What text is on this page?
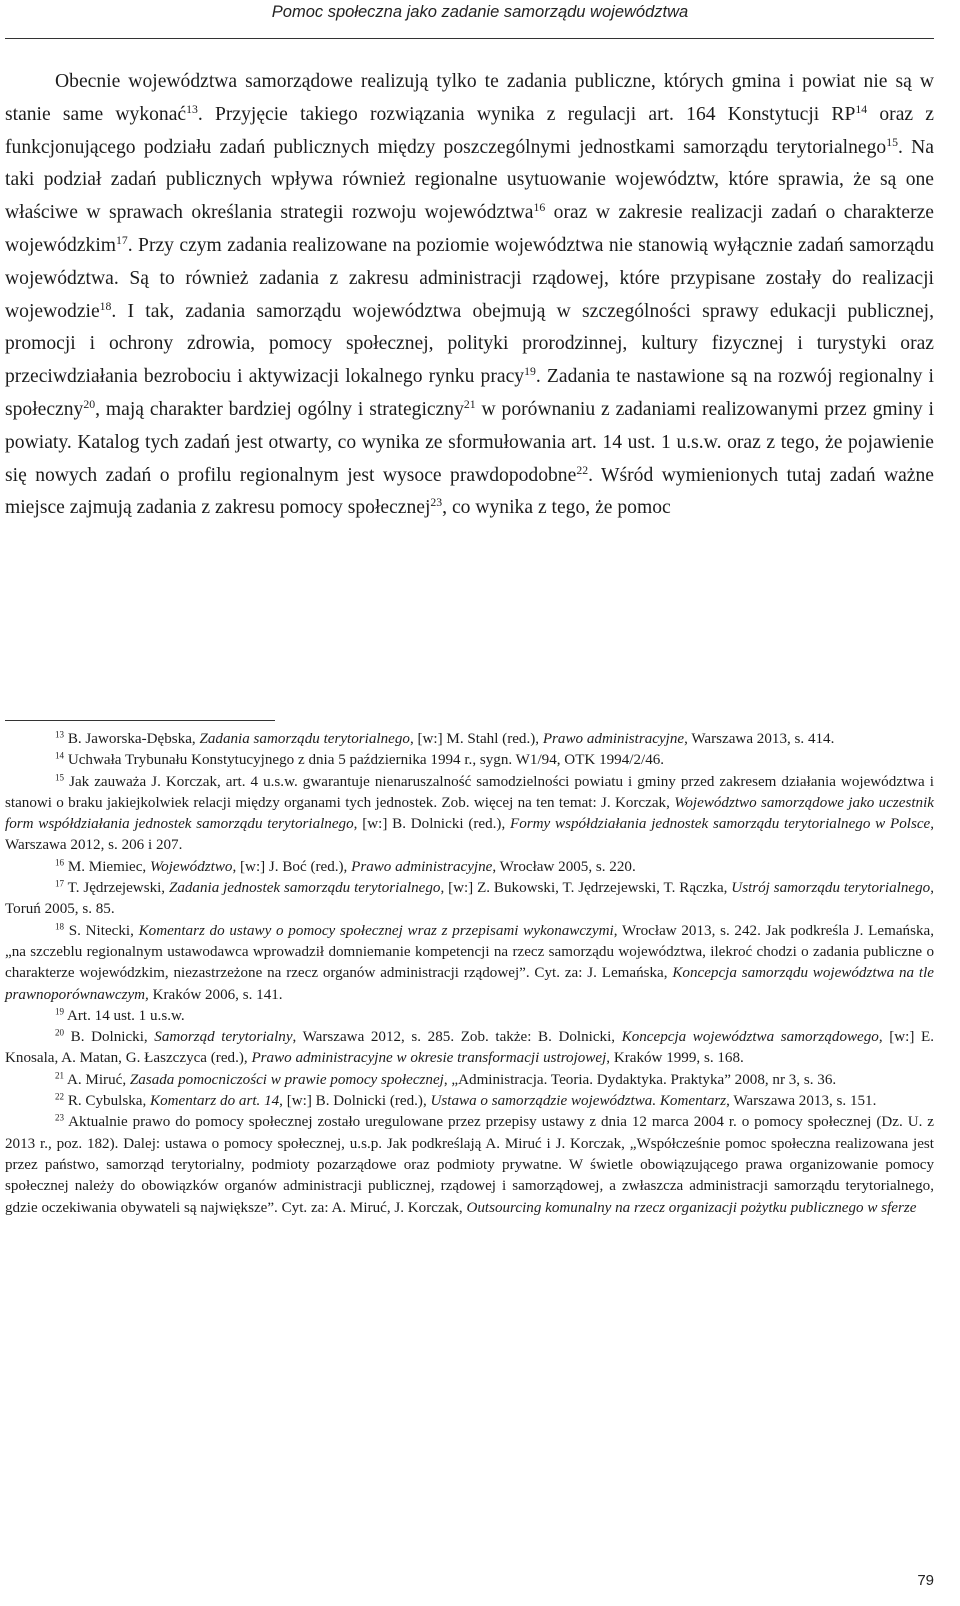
Pomoc społeczna jako zadanie samorządu województwa

Obecnie województwa samorządowe realizują tylko te zadania publiczne, których gmina i powiat nie są w stanie same wykonać$^{13}$. Przyjęcie takiego rozwiązania wynika z regulacji art. 164 Konstytucji RP$^{14}$ oraz z funkcjonującego podziału zadań publicznych między poszczególnymi jednostkami samorządu terytorialnego$^{15}$. Na taki podział zadań publicznych wpływa również regionalne usytuowanie województw, które sprawia, że są one właściwe w sprawach określania strategii rozwoju województwa$^{16}$ oraz w zakresie realizacji zadań o charakterze wojewódzkim$^{17}$. Przy czym zadania realizowane na poziomie województwa nie stanowią wyłącznie zadań samorządu województwa. Są to również zadania z zakresu administracji rządowej, które przypisane zostały do realizacji wojewodzie$^{18}$. I tak, zadania samorządu województwa obejmują w szczególności sprawy edukacji publicznej, promocji i ochrony zdrowia, pomocy społecznej, polityki prorodzinnej, kultury fizycznej i turystyki oraz przeciwdziałania bezrobociu i aktywizacji lokalnego rynku pracy$^{19}$. Zadania te nastawione są na rozwój regionalny i społeczny$^{20}$, mają charakter bardziej ogólny i strategiczny$^{21}$ w porównaniu z zadaniami realizowanymi przez gminy i powiaty. Katalog tych zadań jest otwarty, co wynika ze sformułowania art. 14 ust. 1 u.s.w. oraz z tego, że pojawienie się nowych zadań o profilu regionalnym jest wysoce prawdopodobne$^{22}$. Wśród wymienionych tutaj zadań ważne miejsce zajmują zadania z zakresu pomocy społecznej$^{23}$, co wynika z tego, że pomoc

$^{13}$ B. Jaworska-Dębska, Zadania samorządu terytorialnego, [w:] M. Stahl (red.), Prawo administracyjne, Warszawa 2013, s. 414.

$^{14}$ Uchwała Trybunału Konstytucyjnego z dnia 5 października 1994 r., sygn. W1/94, OTK 1994/2/46.

$^{15}$ Jak zauważa J. Korczak, art. 4 u.s.w. gwarantuje nienaruszalność samodzielności powiatu i gminy przed zakresem działania województwa i stanowi o braku jakiejkolwiek relacji między organami tych jednostek. Zob. więcej na ten temat: J. Korczak, Województwo samorządowe jako uczestnik form współdziałania jednostek samorządu terytorialnego, [w:] B. Dolnicki (red.), Formy współdziałania jednostek samorządu terytorialnego w Polsce, Warszawa 2012, s. 206 i 207.

$^{16}$ M. Miemiec, Województwo, [w:] J. Boć (red.), Prawo administracyjne, Wrocław 2005, s. 220.

$^{17}$ T. Jędrzejewski, Zadania jednostek samorządu terytorialnego, [w:] Z. Bukowski, T. Jędrzejewski, T. Rączka, Ustrój samorządu terytorialnego, Toruń 2005, s. 85.

$^{18}$ S. Nitecki, Komentarz do ustawy o pomocy społecznej wraz z przepisami wykonawczymi, Wrocław 2013, s. 242. Jak podkreśla J. Lemańska, „na szczeblu regionalnym ustawodawca wprowadził domniemanie kompetencji na rzecz samorządu województwa, ilekroć chodzi o zadania publiczne o charakterze wojewódzkim, niezastrzeżone na rzecz organów administracji rządowej”. Cyt. za: J. Lemańska, Koncepcja samorządu województwa na tle prawnoporównawczym, Kraków 2006, s. 141.

$^{19}$ Art. 14 ust. 1 u.s.w.

$^{20}$ B. Dolnicki, Samorząd terytorialny, Warszawa 2012, s. 285. Zob. także: B. Dolnicki, Koncepcja województwa samorządowego, [w:] E. Knosala, A. Matan, G. Łaszczyca (red.), Prawo administracyjne w okresie transformacji ustrojowej, Kraków 1999, s. 168.

$^{21}$ A. Miruć, Zasada pomocniczości w prawie pomocy społecznej, „Administracja. Teoria. Dydaktyka. Praktyka” 2008, nr 3, s. 36.

$^{22}$ R. Cybulska, Komentarz do art. 14, [w:] B. Dolnicki (red.), Ustawa o samorządzie województwa. Komentarz, Warszawa 2013, s. 151.

$^{23}$ Aktualnie prawo do pomocy społecznej zostało uregulowane przez przepisy ustawy z dnia 12 marca 2004 r. o pomocy społecznej (Dz. U. z 2013 r., poz. 182). Dalej: ustawa o pomocy społecznej, u.s.p. Jak podkreślają A. Miruć i J. Korczak, „Współcześnie pomoc społeczna realizowana jest przez państwo, samorząd terytorialny, podmioty pozarządowe oraz podmioty prywatne. W świetle obowiązującego prawa organizowanie pomocy społecznej należy do obowiązków organów administracji publicznej, rządowej i samorządowej, a zwłaszcza administracji samorządu terytorialnego, gdzie oczekiwania obywateli są największe”. Cyt. za: A. Miruć, J. Korczak, Outsourcing komunalny na rzecz organizacji pożytku publicznego w sferze

79
